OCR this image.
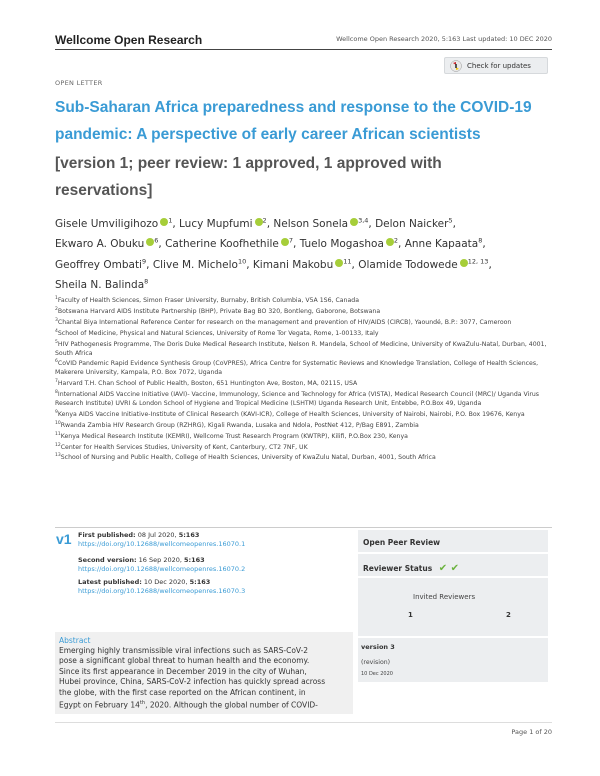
Wellcome Open Research	Wellcome Open Research 2020, 5:163 Last updated: 10 DEC 2020
OPEN LETTER
Check for updates
Sub-Saharan Africa preparedness and response to the COVID-19 pandemic: A perspective of early career African scientists
[version 1; peer review: 1 approved, 1 approved with reservations]
Gisele Umviligihozo $^1$, Lucy Mupfumi $^2$, Nelson Sonela $^{3,4}$, Delon Naicker$^5$, Ekwaro A. Obuku $^6$, Catherine Koofhethile $^7$, Tuelo Mogashoa $^2$, Anne Kapaata$^8$, Geoffrey Ombati$^9$, Clive M. Michelo$^{10}$, Kimani Makobu $^{11}$, Olamide Todowede $^{12, 13}$, Sheila N. Balinda$^8$
$^1$Faculty of Health Sciences, Simon Fraser University, Burnaby, British Columbia, V5A 1S6, Canada
$^2$Botswana Harvard AIDS Institute Partnership (BHP), Private Bag BO 320, Bontleng, Gaborone, Botswana
$^3$Chantal Biya International Reference Center for research on the management and prevention of HIV/AIDS (CIRCB), Yaoundé, B.P.: 3077, Cameroon
$^4$School of Medicine, Physical and Natural Sciences, University of Rome Tor Vegata, Rome, 1-00133, Italy
$^5$HIV Pathogenesis Programme, The Doris Duke Medical Research Institute, Nelson R. Mandela, School of Medicine, University of KwaZulu-Natal, Durban, 4001, South Africa
$^6$CoVID Pandemic Rapid Evidence Synthesis Group (CoVPRES), Africa Centre for Systematic Reviews and Knowledge Translation, College of Health Sciences, Makerere University, Kampala, P.O. Box 7072, Uganda
$^7$Harvard T.H. Chan School of Public Health, Boston, 651 Huntington Ave, Boston, MA, 02115, USA
$^8$International AIDS Vaccine Initiative (IAVI)- Vaccine, Immunology, Science and Technology for Africa (VISTA), Medical Research Council (MRC)/ Uganda Virus Research Institute) UVRI & London School of Hygiene and Tropical Medicine (LSHTM) Uganda Research Unit, Entebbe, P.O.Box 49, Uganda
$^9$Kenya AIDS Vaccine Initiative-Institute of Clinical Research (KAVI-ICR), College of Health Sciences, University of Nairobi, Nairobi, P.O. Box 19676, Kenya
$^{10}$Rwanda Zambia HIV Research Group (RZHRG), Kigali Rwanda, Lusaka and Ndola, PostNet 412, P/Bag E891, Zambia
$^{11}$Kenya Medical Research Institute (KEMRI), Wellcome Trust Research Program (KWTRP), Kilifi, P.O.Box 230, Kenya
$^{12}$Center for Health Services Studies, University of Kent, Canterbury, CT2 7NF, UK
$^{13}$School of Nursing and Public Health, College of Health Sciences, University of KwaZulu Natal, Durban, 4001, South Africa
v1 First published: 08 Jul 2020, 5:163
https://doi.org/10.12688/wellcomeopenres.16070.1
Second version: 16 Sep 2020, 5:163
https://doi.org/10.12688/wellcomeopenres.16070.2
Latest published: 10 Dec 2020, 5:163
https://doi.org/10.12688/wellcomeopenres.16070.3
Abstract
Emerging highly transmissible viral infections such as SARS-CoV-2
pose a significant global threat to human health and the economy.
Since its first appearance in December 2019 in the city of Wuhan,
Hubei province, China, SARS-CoV-2 infection has quickly spread across
the globe, with the first case reported on the African continent, in
Egypt on February 14th, 2020. Although the global number of COVID-
Open Peer Review
Reviewer Status ✔ ✔
Invited Reviewers
1	2
version 3
(revision)
10 Dec 2020
Page 1 of 20
